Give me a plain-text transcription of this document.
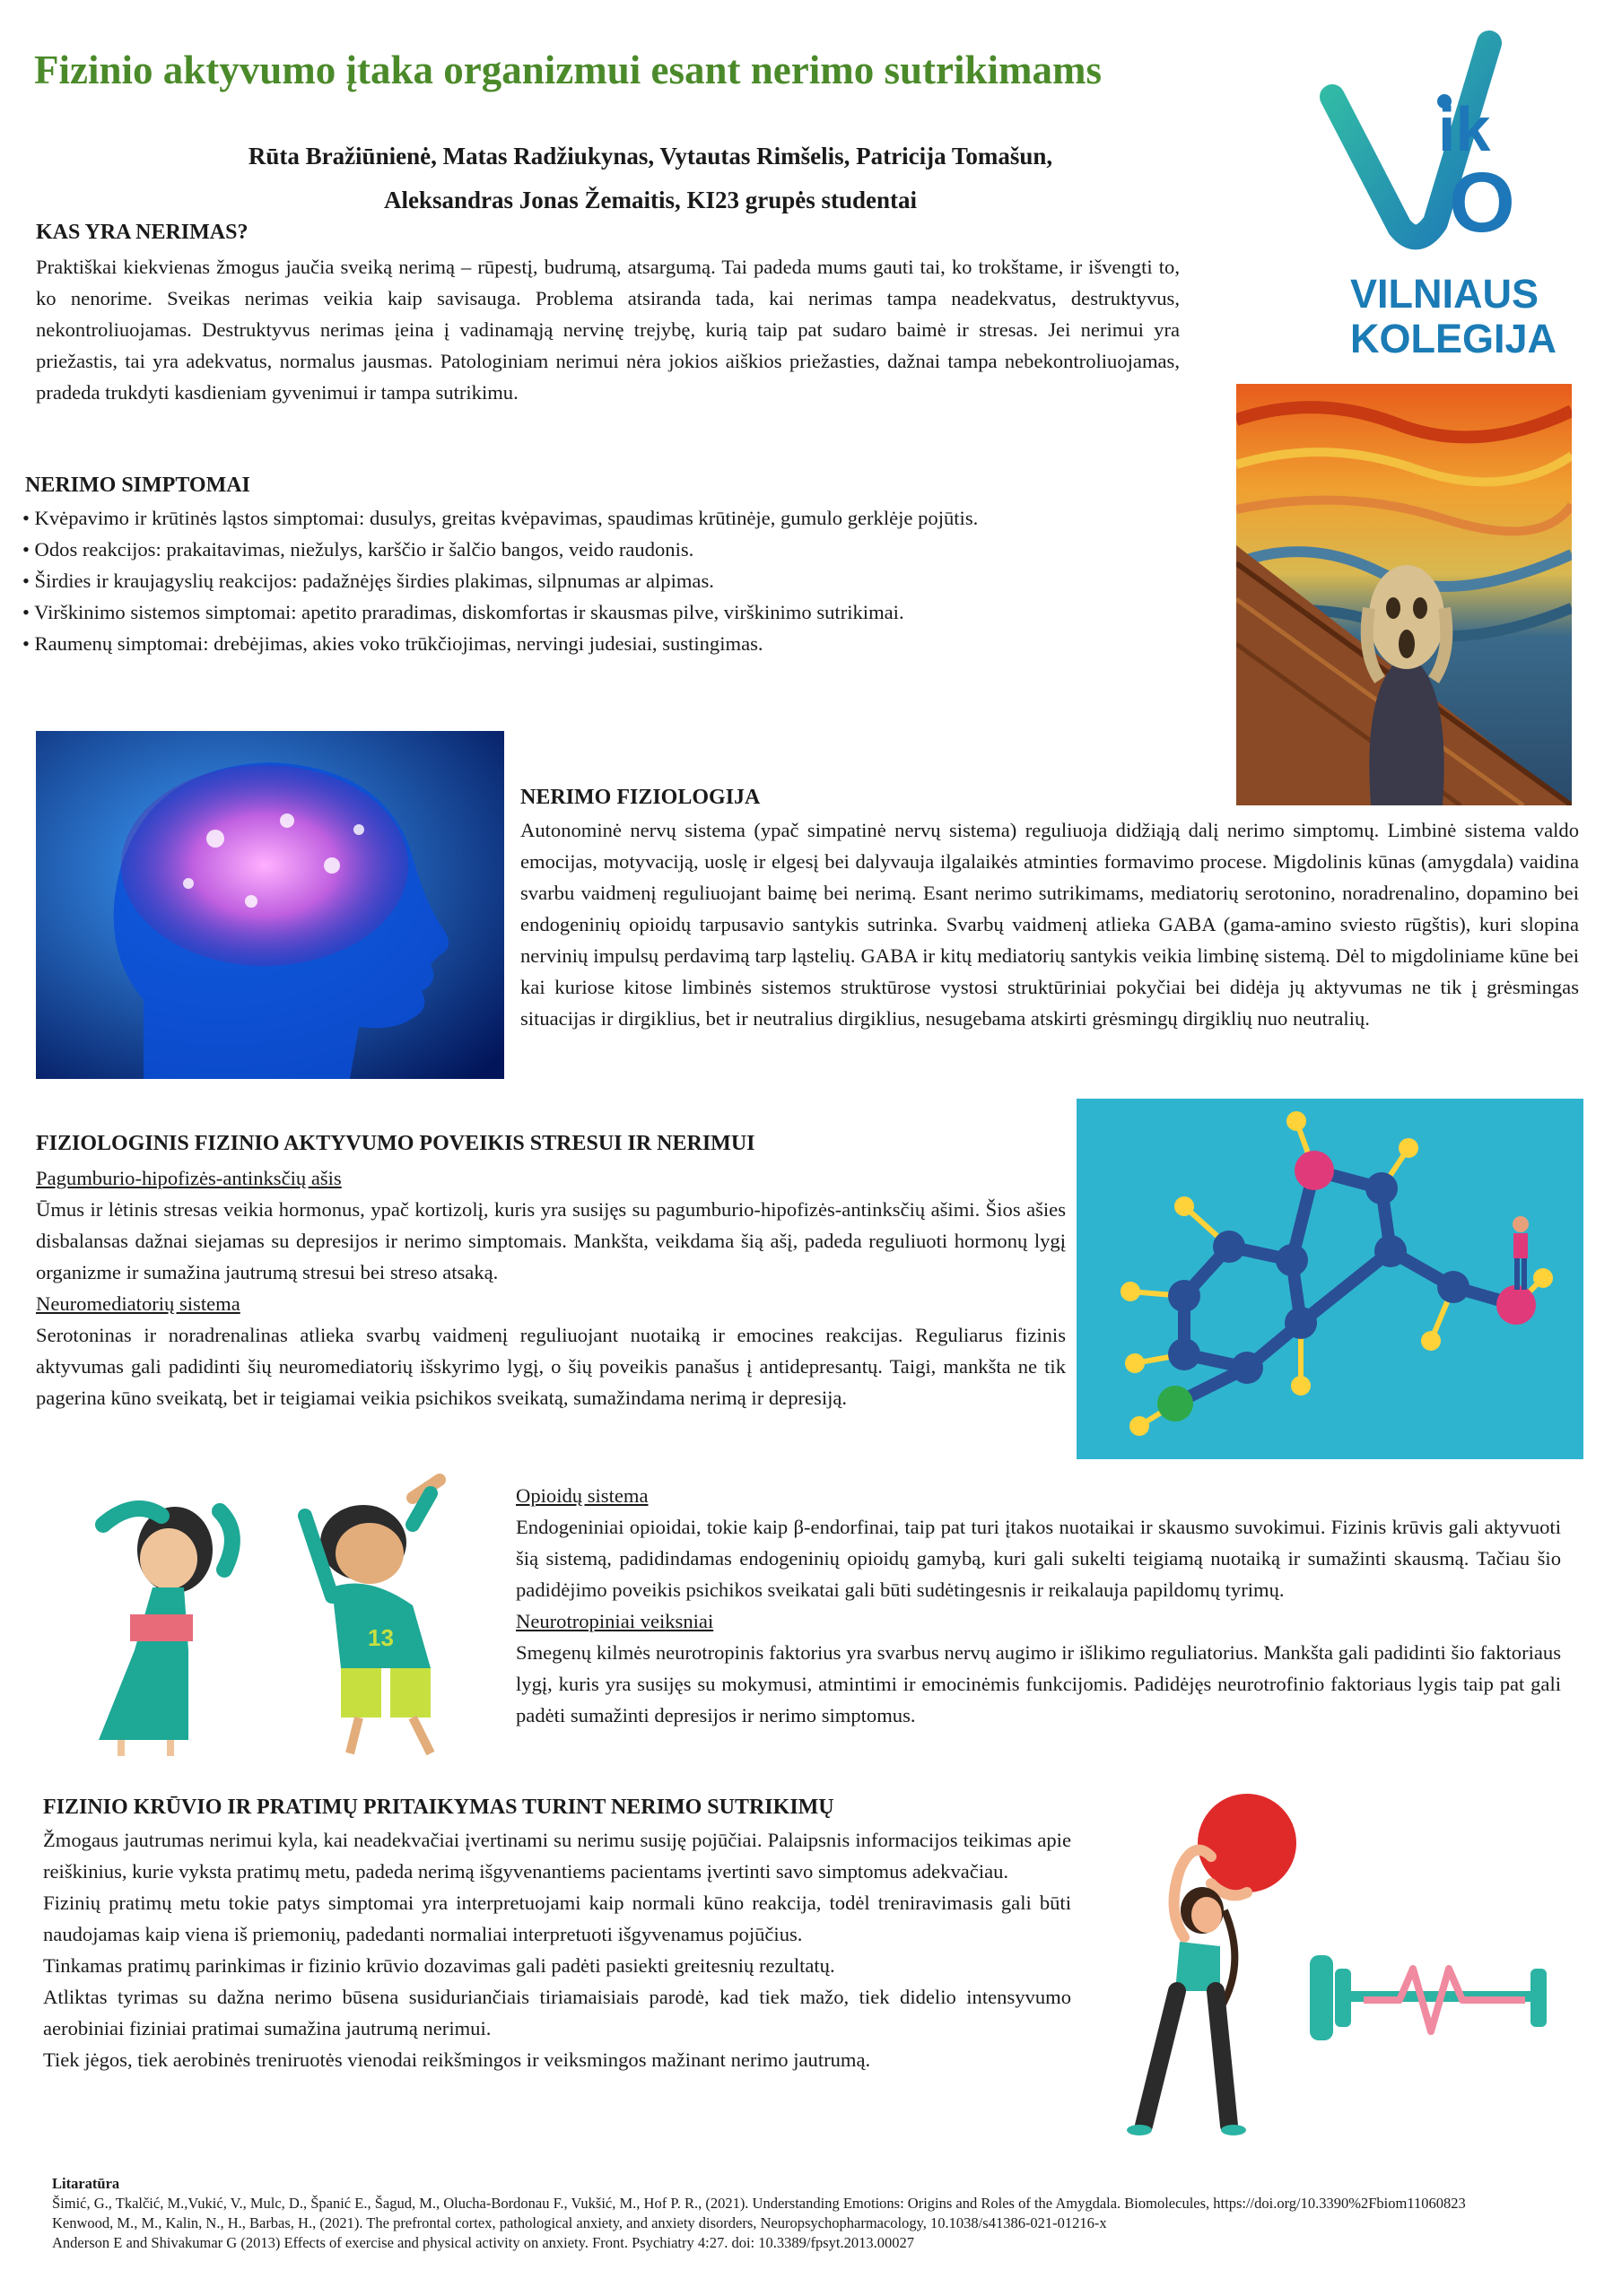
Fizinio aktyvumo įtaka organizmui esant nerimo sutrikimams
Rūta Bražiūnienė, Matas Radžiukynas, Vytautas Rimšelis, Patricija Tomašun,
Aleksandras Jonas Žemaitis, KI23 grupės studentai
ik
O
VILNIAUS
KOLEGIJA
KAS YRA NERIMAS?
Praktiškai kiekvienas žmogus jaučia sveiką nerimą – rūpestį, budrumą, atsargumą. Tai padeda mums gauti tai, ko trokštame, ir išvengti to, ko nenorime. Sveikas nerimas veikia kaip savisauga. Problema atsiranda tada, kai nerimas tampa neadekvatus, destruktyvus, nekontroliuojamas. Destruktyvus nerimas įeina į vadinamąją nervinę trejybę, kurią taip pat sudaro baimė ir stresas. Jei nerimui yra priežastis, tai yra adekvatus, normalus jausmas. Patologiniam nerimui nėra jokios aiškios priežasties, dažnai tampa nebekontroliuojamas, pradeda trukdyti kasdieniam gyvenimui ir tampa sutrikimu.
NERIMO SIMPTOMAI

• Kvėpavimo ir krūtinės ląstos simptomai: dusulys, greitas kvėpavimas, spaudimas krūtinėje, gumulo gerklėje pojūtis.

• Odos reakcijos: prakaitavimas, niežulys, karščio ir šalčio bangos, veido raudonis.

• Širdies ir kraujagyslių reakcijos: padažnėjęs širdies plakimas, silpnumas ar alpimas.

• Virškinimo sistemos simptomai: apetito praradimas, diskomfortas ir skausmas pilve, virškinimo sutrikimai.

• Raumenų simptomai: drebėjimas, akies voko trūkčiojimas, nervingi judesiai, sustingimas.

NERIMO FIZIOLOGIJA
Autonominė nervų sistema (ypač simpatinė nervų sistema) reguliuoja didžiąją dalį nerimo simptomų. Limbinė sistema valdo emocijas, motyvaciją, uoslę ir elgesį bei dalyvauja ilgalaikės atminties formavimo procese. Migdolinis kūnas (amygdala) vaidina svarbu vaidmenį reguliuojant baimę bei nerimą. Esant nerimo sutrikimams, mediatorių serotonino, noradrenalino, dopamino bei endogeninių opioidų tarpusavio santykis sutrinka. Svarbų vaidmenį atlieka GABA (gama-amino sviesto rūgštis), kuri slopina nervinių impulsų perdavimą tarp ląstelių. GABA ir kitų mediatorių santykis veikia limbinę sistemą. Dėl to migdoliniame kūne bei kai kuriose kitose limbinės sistemos struktūrose vystosi struktūriniai pokyčiai bei didėja jų aktyvumas ne tik į grėsmingas situacijas ir dirgiklius, bet ir neutralius dirgiklius, nesugebama atskirti grėsmingų dirgiklių nuo neutralių.
FIZIOLOGINIS FIZINIO AKTYVUMO POVEIKIS STRESUI IR NERIMUI

Pagumburio-hipofizės-antinksčių ašis

Ūmus ir lėtinis stresas veikia hormonus, ypač kortizolį, kuris yra susijęs su pagumburio-hipofizės-antinksčių ašimi. Šios ašies disbalansas dažnai siejamas su depresijos ir nerimo simptomais. Mankšta, veikdama šią ašį, padeda reguliuoti hormonų lygį organizme ir sumažina jautrumą stresui bei streso atsaką.

Neuromediatorių sistema

Serotoninas ir noradrenalinas atlieka svarbų vaidmenį reguliuojant nuotaiką ir emocines reakcijas. Reguliarus fizinis aktyvumas gali padidinti šių neuromediatorių išskyrimo lygį, o šių poveikis panašus į antidepresantų. Taigi, mankšta ne tik pagerina kūno sveikatą, bet ir teigiamai veikia psichikos sveikatą, sumažindama nerimą ir depresiją.

13

Opioidų sistema

Endogeniniai opioidai, tokie kaip β-endorfinai, taip pat turi įtakos nuotaikai ir skausmo suvokimui. Fizinis krūvis gali aktyvuoti šią sistemą, padidindamas endogeninių opioidų gamybą, kuri gali sukelti teigiamą nuotaiką ir sumažinti skausmą. Tačiau šio padidėjimo poveikis psichikos sveikatai gali būti sudėtingesnis ir reikalauja papildomų tyrimų.

Neurotropiniai veiksniai

Smegenų kilmės neurotropinis faktorius yra svarbus nervų augimo ir išlikimo reguliatorius. Mankšta gali padidinti šio faktoriaus lygį, kuris yra susijęs su mokymusi, atmintimi ir emocinėmis funkcijomis. Padidėjęs neurotrofinio faktoriaus lygis taip pat gali padėti sumažinti depresijos ir nerimo simptomus.

FIZINIO KRŪVIO IR PRATIMŲ PRITAIKYMAS TURINT NERIMO SUTRIKIMŲ

Žmogaus jautrumas nerimui kyla, kai neadekvačiai įvertinami su nerimu susiję pojūčiai. Palaipsnis informacijos teikimas apie reiškinius, kurie vyksta pratimų metu, padeda nerimą išgyvenantiems pacientams įvertinti savo simptomus adekvačiau.

Fizinių pratimų metu tokie patys simptomai yra interpretuojami kaip normali kūno reakcija, todėl treniravimasis gali būti naudojamas kaip viena iš priemonių, padedanti normaliai interpretuoti išgyvenamus pojūčius.

Tinkamas pratimų parinkimas ir fizinio krūvio dozavimas gali padėti pasiekti greitesnių rezultatų.

Atliktas tyrimas su dažna nerimo būsena susiduriančiais tiriamaisiais parodė, kad tiek mažo, tiek didelio intensyvumo aerobiniai fiziniai pratimai sumažina jautrumą nerimui.

Tiek jėgos, tiek aerobinės treniruotės vienodai reikšmingos ir veiksmingos mažinant nerimo jautrumą.

Litaratūra
Šimić, G., Tkalčić, M.,Vukić, V., Mulc, D., Španić E., Šagud, M., Olucha-Bordonau F., Vukšić, M., Hof P. R., (2021). Understanding Emotions: Origins and Roles of the Amygdala. Biomolecules, https://doi.org/10.3390%2Fbiom11060823
Kenwood, M., M., Kalin, N., H., Barbas, H., (2021). The prefrontal cortex, pathological anxiety, and anxiety disorders, Neuropsychopharmacology, 10.1038/s41386-021-01216-x
Anderson E and Shivakumar G (2013) Effects of exercise and physical activity on anxiety. Front. Psychiatry 4:27. doi: 10.3389/fpsyt.2013.00027
